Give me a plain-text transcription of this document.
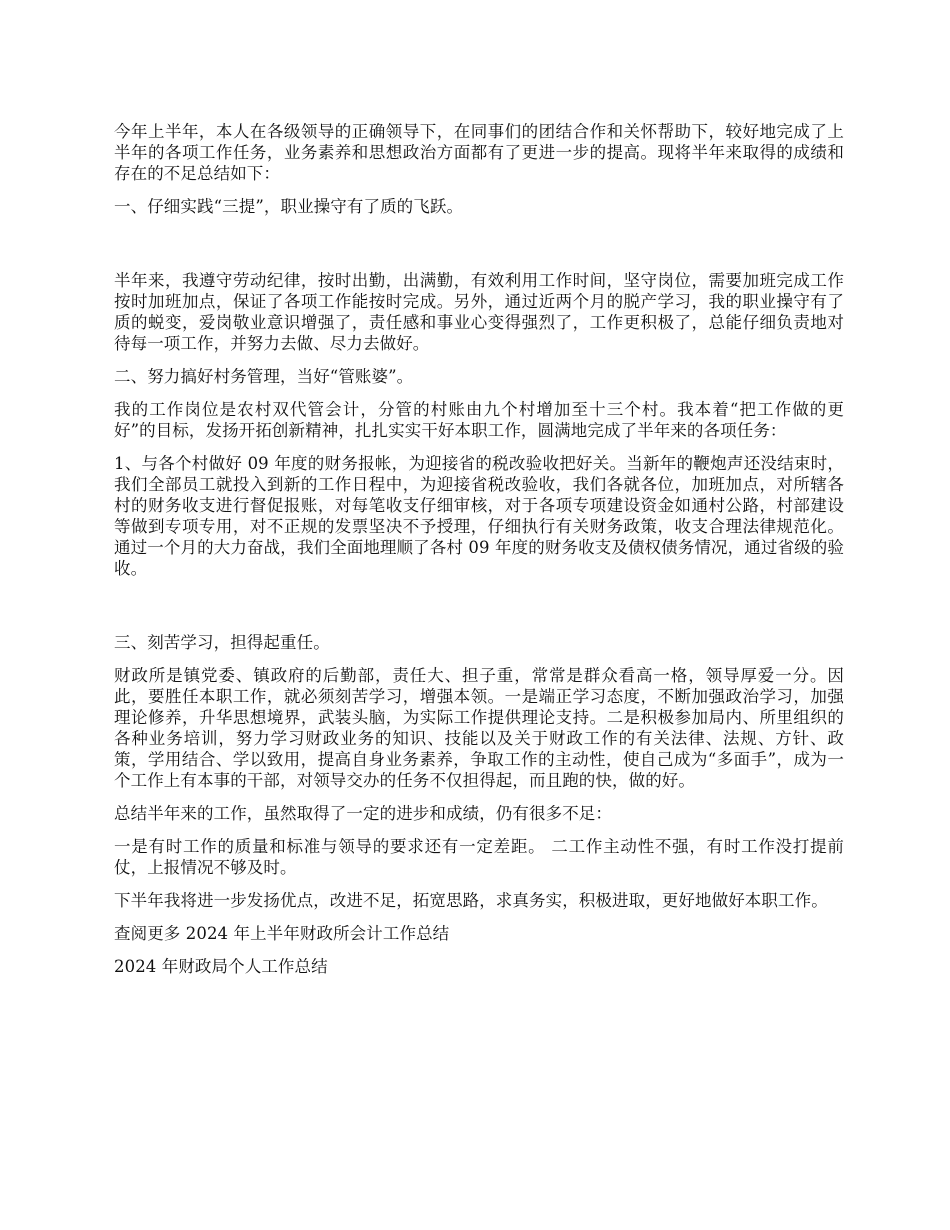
今年上半年，本人在各级领导的正确领导下，在同事们的团结合作和关怀帮助下，较好地完成了上半年的各项工作任务，业务素养和思想政治方面都有了更进一步的提高。现将半年来取得的成绩和存在的不足总结如下：

一、仔细实践“三提”，职业操守有了质的飞跃。

半年来，我遵守劳动纪律，按时出勤，出满勤，有效利用工作时间，坚守岗位，需要加班完成工作按时加班加点，保证了各项工作能按时完成。另外，通过近两个月的脱产学习，我的职业操守有了质的蜕变，爱岗敬业意识增强了，责任感和事业心变得强烈了，工作更积极了，总能仔细负责地对待每一项工作，并努力去做、尽力去做好。

二、努力搞好村务管理，当好“管账婆”。

我的工作岗位是农村双代管会计，分管的村账由九个村增加至十三个村。我本着“把工作做的更好”的目标，发扬开拓创新精神，扎扎实实干好本职工作，圆满地完成了半年来的各项任务：

1、与各个村做好 09 年度的财务报帐，为迎接省的税改验收把好关。当新年的鞭炮声还没结束时，我们全部员工就投入到新的工作日程中，为迎接省税改验收，我们各就各位，加班加点，对所辖各村的财务收支进行督促报账，对每笔收支仔细审核，对于各项专项建设资金如通村公路，村部建设等做到专项专用，对不正规的发票坚决不予授理，仔细执行有关财务政策，收支合理法律规范化。通过一个月的大力奋战，我们全面地理顺了各村 09 年度的财务收支及债权债务情况，通过省级的验收。

三、刻苦学习，担得起重任。

财政所是镇党委、镇政府的后勤部，责任大、担子重，常常是群众看高一格，领导厚爱一分。因此，要胜任本职工作，就必须刻苦学习，增强本领。一是端正学习态度，不断加强政治学习，加强理论修养，升华思想境界，武装头脑，为实际工作提供理论支持。二是积极参加局内、所里组织的各种业务培训，努力学习财政业务的知识、技能以及关于财政工作的有关法律、法规、方针、政策，学用结合、学以致用，提高自身业务素养，争取工作的主动性，使自己成为“多面手”，成为一个工作上有本事的干部，对领导交办的任务不仅担得起，而且跑的快，做的好。

总结半年来的工作，虽然取得了一定的进步和成绩，仍有很多不足：

一是有时工作的质量和标准与领导的要求还有一定差距。 二工作主动性不强，有时工作没打提前仗，上报情况不够及时。

下半年我将进一步发扬优点，改进不足，拓宽思路，求真务实，积极进取，更好地做好本职工作。

查阅更多 2024 年上半年财政所会计工作总结

2024 年财政局个人工作总结
